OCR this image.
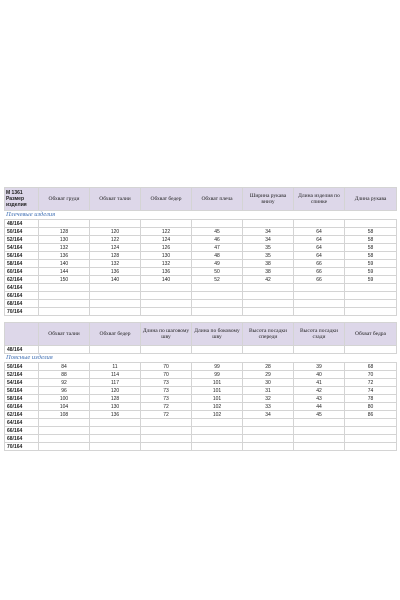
М 1361
Размер изделия	Обхват груди	Обхват талии	Обхват бедер	Обхват плеча	Ширина рукава внизу	Длина изделия по спинке	Длина рукава
Плечевые изделия							
48/164							
50/164	128	120	122	45	34	64	58
52/164	130	122	124	46	34	64	58
54/164	132	124	126	47	35	64	58
56/164	136	128	130	48	35	64	58
58/164	140	132	132	49	38	66	59
60/164	144	136	136	50	38	66	59
62/164	150	140	140	52	42	66	59
64/164							
66/164							
68/164							
70/164							
	Обхват талии	Обхват бедер	Длина по шаговому шву	Длина по боковому шву	Высота посадки спереди	Высота посадки сзади	Обхват бедра
48/164							
Поясные изделия							
50/164	84	11	70	99	28	39	68
52/164	88	114	70	99	29	40	70
54/164	92	117	73	101	30	41	72
56/164	96	120	73	101	31	42	74
58/164	100	128	73	101	32	43	78
60/164	104	130	72	102	33	44	80
62/164	108	136	72	102	34	45	86
64/164							
66/164							
68/164							
70/164							
